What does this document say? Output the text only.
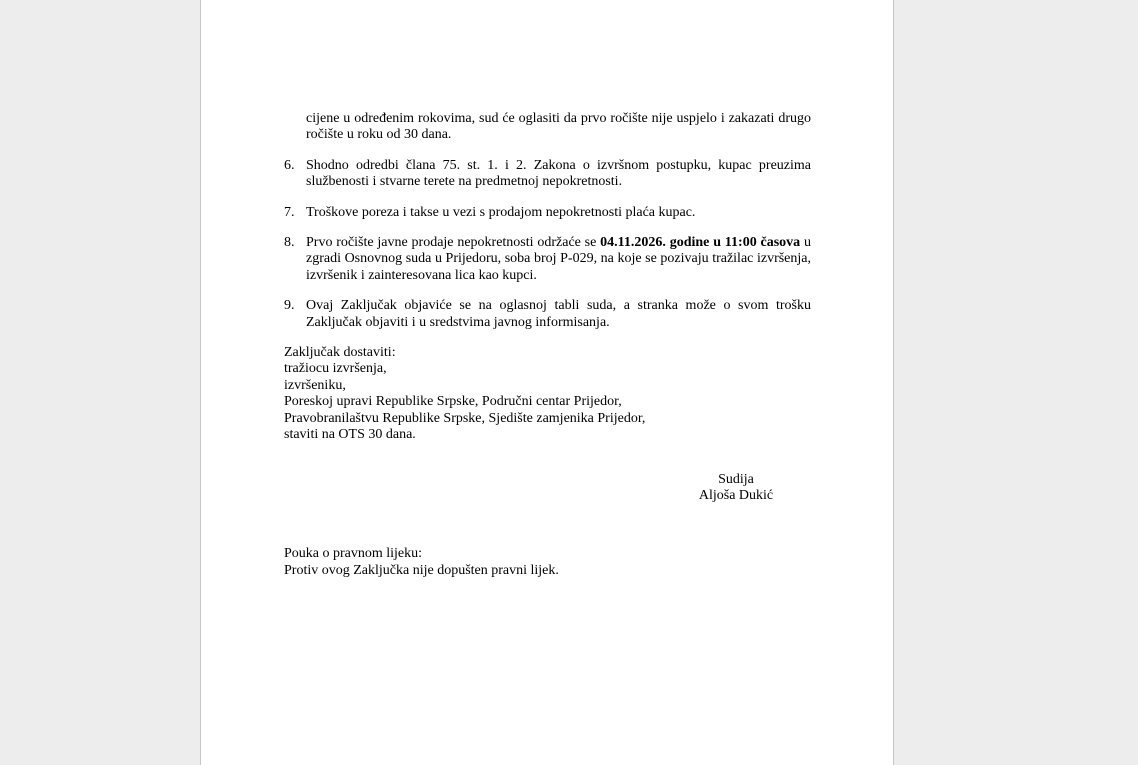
cijene u određenim rokovima, sud će oglasiti da prvo ročište nije uspjelo i zakazati drugo ročište u roku od 30 dana.
6. Shodno odredbi člana 75. st. 1. i 2. Zakona o izvršnom postupku, kupac preuzima službenosti i stvarne terete na predmetnoj nepokretnosti.
7. Troškove poreza i takse u vezi s prodajom nepokretnosti plaća kupac.
8. Prvo ročište javne prodaje nepokretnosti održaće se 04.11.2026. godine u 11:00 časova u zgradi Osnovnog suda u Prijedoru, soba broj P-029, na koje se pozivaju tražilac izvršenja, izvršenik i zainteresovana lica kao kupci.
9. Ovaj Zaključak objaviće se na oglasnoj tabli suda, a stranka može o svom trošku Zaključak objaviti i u sredstvima javnog informisanja.
Zaključak dostaviti:
tražiocu izvršenja,
izvršeniku,
Poreskoj upravi Republike Srpske, Područni centar Prijedor,
Pravobranilaštvu Republike Srpske, Sjedište zamjenika Prijedor,
staviti na OTS 30 dana.
Sudija
Aljoša Dukić
Pouka o pravnom lijeku:
Protiv ovog Zaključka nije dopušten pravni lijek.
